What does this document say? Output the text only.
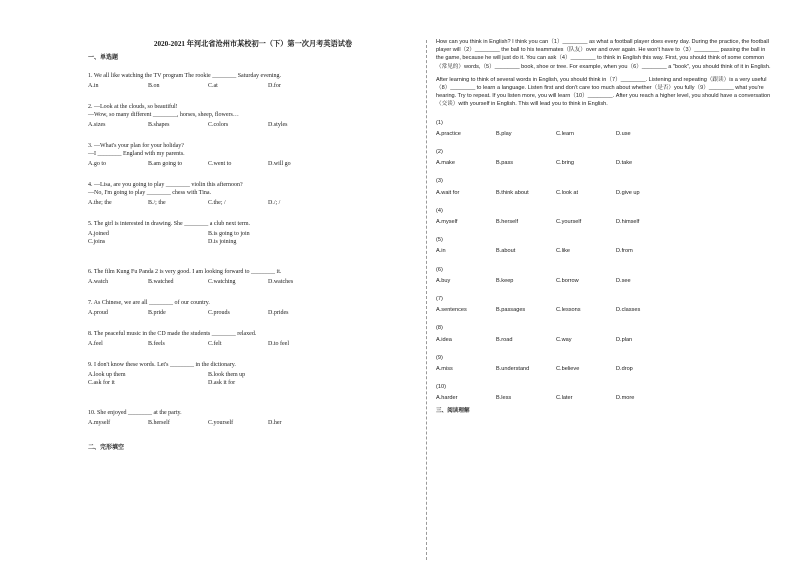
2020-2021 年河北省沧州市某校初一（下）第一次月考英语试卷
一、单选题
1. We all like watching the TV program The rookie ________ Saturday evening.
A.in	B.on	C.at	D.for
2. —Look at the clouds, so beautiful!
—Wow, so many different ________, horses, sheep, flowers…
A.sizes	B.shapes	C.colors	D.styles
3. —What's your plan for your holiday?
—I ________ England with my parents.
A.go to	B.am going to	C.went to	D.will go
4. —Lisa, are you going to play ________ violin this afternoon?
—No, I'm going to play ________ chess with Tina.
A.the; the	B./; the	C.the; /	D./; /
5. The girl is interested in drawing. She ________ a club next term.
A.joined	B.is going to join
C.joins	D.is joining
6. The film Kung Fu Panda 2 is very good. I am looking forward to ________ it.
A.watch	B.watched	C.watching	D.watches
7. As Chinese, we are all ________ of our country.
A.proud	B.pride	C.prouds	D.prides
8. The peaceful music in the CD made the students ________ relaxed.
A.feel	B.feels	C.felt	D.to feel
9. I don't know these words. Let's ________ in the dictionary.
A.look up them	B.look them up
C.ask for it	D.ask it for
10. She enjoyed ________ at the party.
A.myself	B.herself	C.yourself	D.her
二、完形填空
How can you think in English? I think you can（1）________ as what a football player does every day. During the practice, the football player will（2）________ the ball to his teammates（队友）over and over again. He won't have to（3）________ passing the ball in the game, because he will just do it. You can ask（4）________ to think in English this way. First, you should think of some common（常见的）words,（5）________ book, shoe or tree. For example, when you（6）________ a "book", you should think of it in English.
After learning to think of several words in English, you should think in（7）________. Listening and repeating（跟读）is a very useful（8）________ to learn a language. Listen first and don't care too much about whether（是否）you fully（9）________ what you're hearing. Try to repeat. If you listen more, you will learn（10）________. After you reach a higher level, you should have a conversation（交谈）with yourself in English. This will lead you to think in English.
(1)
A.practice	B.play	C.learn	D.use
(2)
A.make	B.pass	C.bring	D.take
(3)
A.wait for	B.think about	C.look at	D.give up
(4)
A.myself	B.herself	C.yourself	D.himself
(5)
A.in	B.about	C.like	D.from
(6)
A.buy	B.keep	C.borrow	D.see
(7)
A.sentences	B.passages	C.lessons	D.classes
(8)
A.idea	B.road	C.way	D.plan
(9)
A.miss	B.understand	C.believe	D.drop
(10)
A.harder	B.less	C.later	D.more
三、阅读理解
